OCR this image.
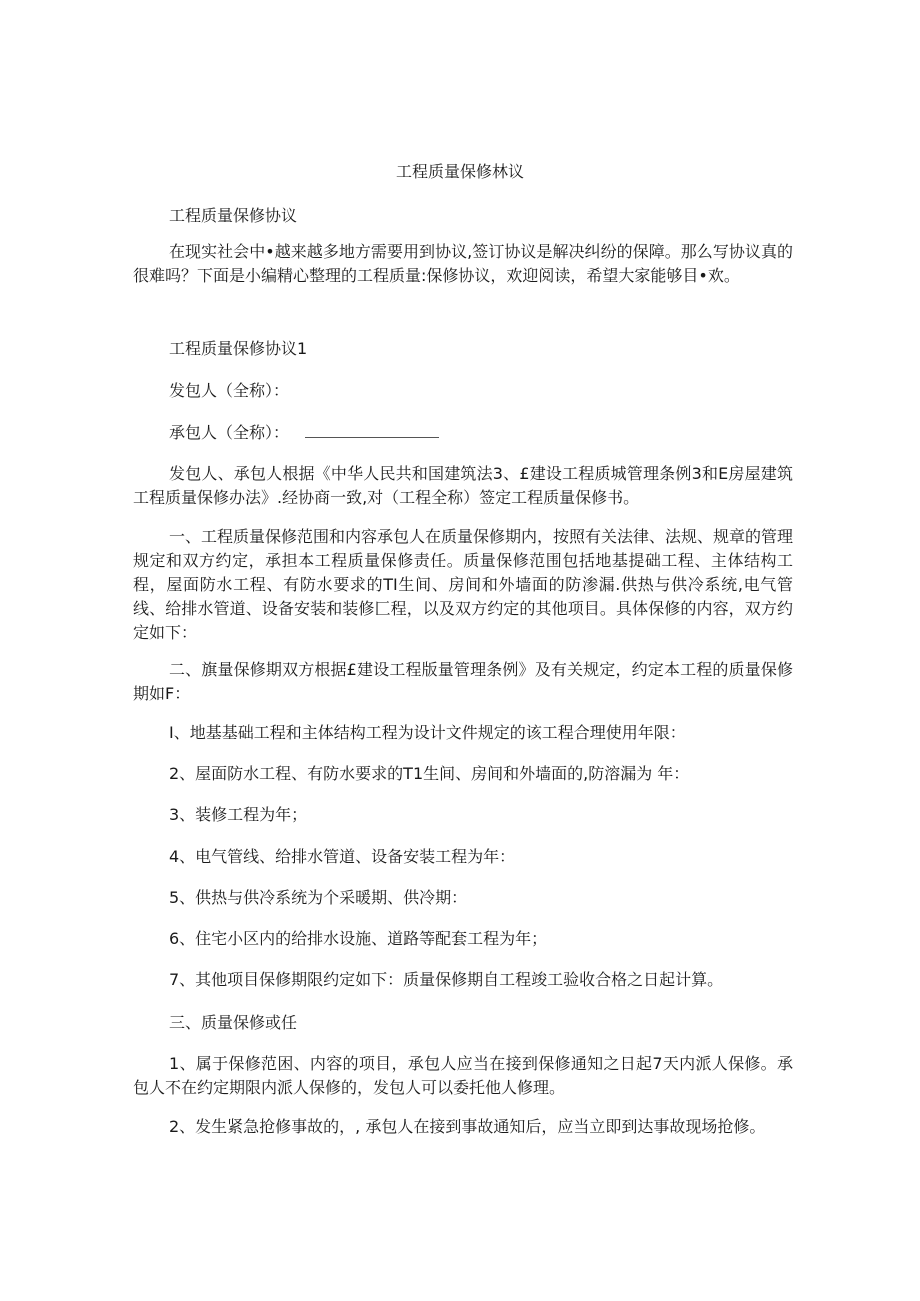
工程质量保修林议
工程质量保修协议
在现实社会中•越来越多地方需要用到协议,签订协议是解决纠纷的保障。那么写协议真的很难吗？下面是小编精心整理的工程质量:保修协议，欢迎阅读，希望大家能够目•欢。
工程质量保修协议1
发包人（全称）：
承包人（全称）：
发包人、承包人根据《中华人民共和国建筑法3、£建设工程质城管理条例3和E房屋建筑工程质量保修办法》.经协商一致,对（工程全称）签定工程质量保修书。
一、工程质量保修范围和内容承包人在质量保修期内，按照有关法律、法规、规章的管理规定和双方约定，承担本工程质量保修责任。质量保修范围包括地基提础工程、主体结构工程，屋面防水工程、有防水要求的TI生间、房间和外墙面的防渗漏.供热与供冷系统,电气管线、给排水管道、设备安装和装修匚程，以及双方约定的其他项目。具体保修的内容，双方约定如下：
二、旗量保修期双方根据£建设工程版量管理条例》及有关规定，约定本工程的质量保修期如F：
I、地基基础工程和主体结构工程为设计文件规定的该工程合理使用年限：
2、屋面防水工程、有防水要求的T1生间、房间和外墙面的,防溶漏为 年：
3、装修工程为年；
4、电气管线、给排水管道、设备安装工程为年：
5、供热与供冷系统为个采暖期、供冷期：
6、住宅小区内的给排水设施、道路等配套工程为年；
7、其他项目保修期限约定如下：质量保修期自工程竣工验收合格之日起计算。
三、质量保修或任
1、属于保修范困、内容的项目，承包人应当在接到保修通知之日起7天内派人保修。承包人不在约定期限内派人保修的，发包人可以委托他人修理。
2、发生紧急抢修事故的，, 承包人在接到事故通知后，应当立即到达事故现场抢修。
